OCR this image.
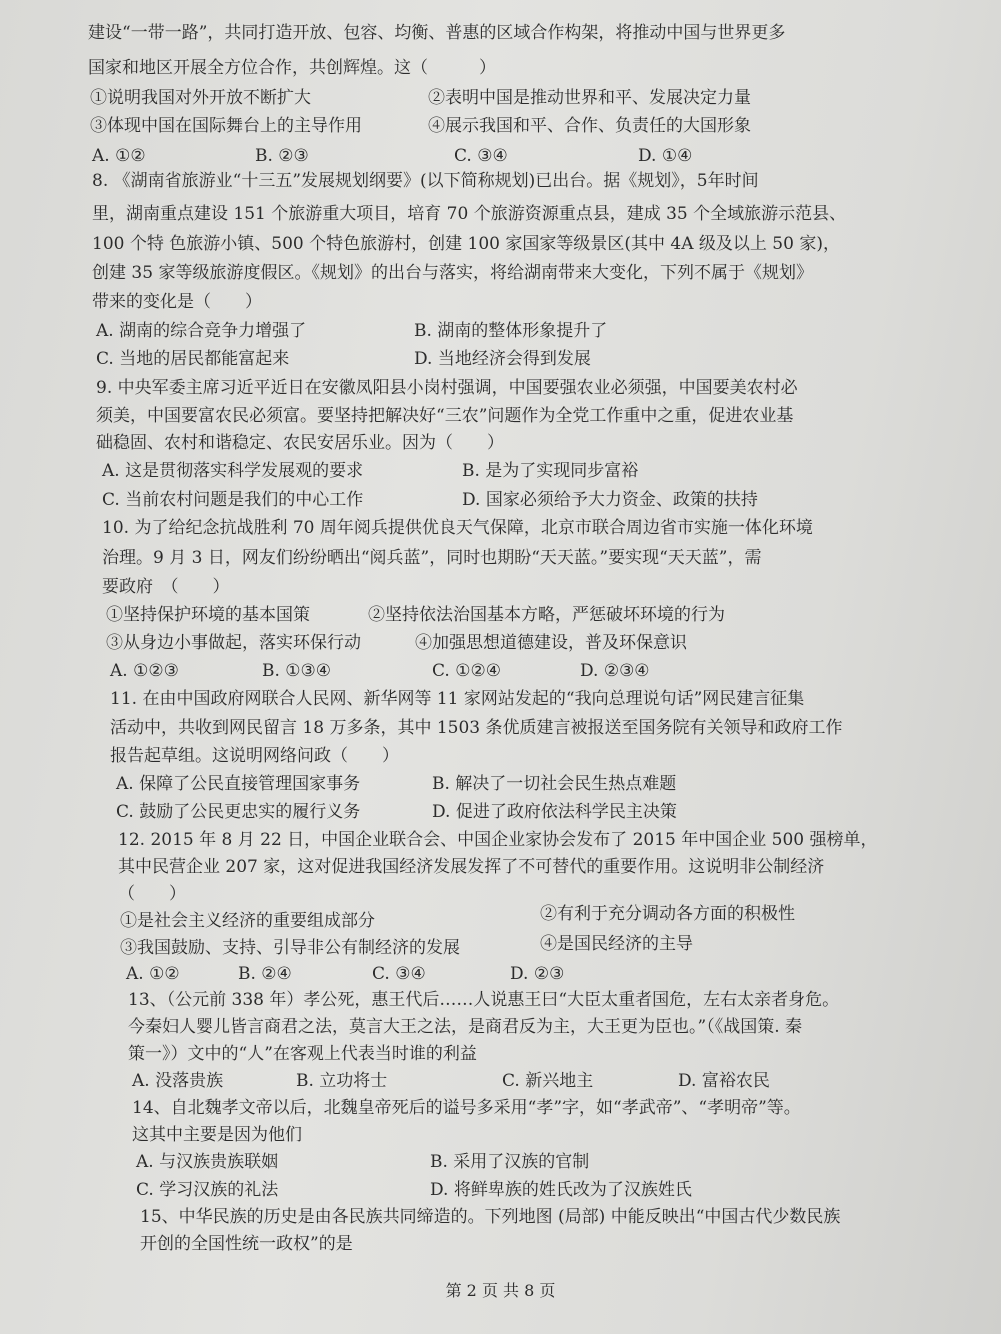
建设“一带一路”，共同打造开放、包容、均衡、普惠的区域合作构架，将推动中国与世界更多
国家和地区开展全方位合作，共创辉煌。这（　　　）
①说明我国对外开放不断扩大	②表明中国是推动世界和平、发展决定力量
③体现中国在国际舞台上的主导作用	④展示我国和平、合作、负责任的大国形象
A. ①②	B. ②③	C. ③④	D. ①④
8. 《湖南省旅游业“十三五”发展规划纲要》(以下简称规划)已出台。据《规划》，5年时间
里，湖南重点建设 151 个旅游重大项目，培育 70 个旅游资源重点县，建成 35 个全域旅游示范县、
100 个特 色旅游小镇、500 个特色旅游村，创建 100 家国家等级景区(其中 4A 级及以上 50 家)，
创建 35 家等级旅游度假区。《规划》的出台与落实，将给湖南带来大变化，下列不属于《规划》
带来的变化是（　　）
A. 湖南的综合竞争力增强了	B. 湖南的整体形象提升了
C. 当地的居民都能富起来	D. 当地经济会得到发展
9. 中央军委主席习近平近日在安徽凤阳县小岗村强调，中国要强农业必须强，中国要美农村必
须美，中国要富农民必须富。要坚持把解决好“三农”问题作为全党工作重中之重，促进农业基
础稳固、农村和谐稳定、农民安居乐业。因为（　　）
A. 这是贯彻落实科学发展观的要求	B. 是为了实现同步富裕
C. 当前农村问题是我们的中心工作	D. 国家必须给予大力资金、政策的扶持
10. 为了给纪念抗战胜利 70 周年阅兵提供优良天气保障，北京市联合周边省市实施一体化环境
治理。9 月 3 日，网友们纷纷晒出“阅兵蓝”，同时也期盼“天天蓝。”要实现“天天蓝”，需
要政府　（　　）
①坚持保护环境的基本国策	②坚持依法治国基本方略，严惩破坏环境的行为
③从身边小事做起，落实环保行动	④加强思想道德建设，普及环保意识
A. ①②③	B. ①③④	C. ①②④	D. ②③④
11. 在由中国政府网联合人民网、新华网等 11 家网站发起的“我向总理说句话”网民建言征集
活动中，共收到网民留言 18 万多条，其中 1503 条优质建言被报送至国务院有关领导和政府工作
报告起草组。这说明网络问政（　　）
A. 保障了公民直接管理国家事务	B. 解决了一切社会民生热点难题
C. 鼓励了公民更忠实的履行义务	D. 促进了政府依法科学民主决策
12. 2015 年 8 月 22 日，中国企业联合会、中国企业家协会发布了 2015 年中国企业 500 强榜单，
其中民营企业 207 家，这对促进我国经济发展发挥了不可替代的重要作用。这说明非公制经济
（　　）
①是社会主义经济的重要组成部分	②有利于充分调动各方面的积极性
③我国鼓励、支持、引导非公有制经济的发展	④是国民经济的主导
A. ①②	B. ②④	C. ③④	D. ②③
13、（公元前 338 年）孝公死，惠王代后……人说惠王曰“大臣太重者国危，左右太亲者身危。
今秦妇人婴儿皆言商君之法，莫言大王之法，是商君反为主，大王更为臣也。”（《战国策. 秦
策一》）文中的“人”在客观上代表当时谁的利益
A. 没落贵族	B. 立功将士	C. 新兴地主	D. 富裕农民
14、自北魏孝文帝以后，北魏皇帝死后的谥号多采用“孝”字，如“孝武帝”、“孝明帝”等。
这其中主要是因为他们
A. 与汉族贵族联姻	B. 采用了汉族的官制
C. 学习汉族的礼法	D. 将鲜卑族的姓氏改为了汉族姓氏
15、中华民族的历史是由各民族共同缔造的。下列地图 (局部) 中能反映出“中国古代少数民族
开创的全国性统一政权”的是
第 2 页 共 8 页
